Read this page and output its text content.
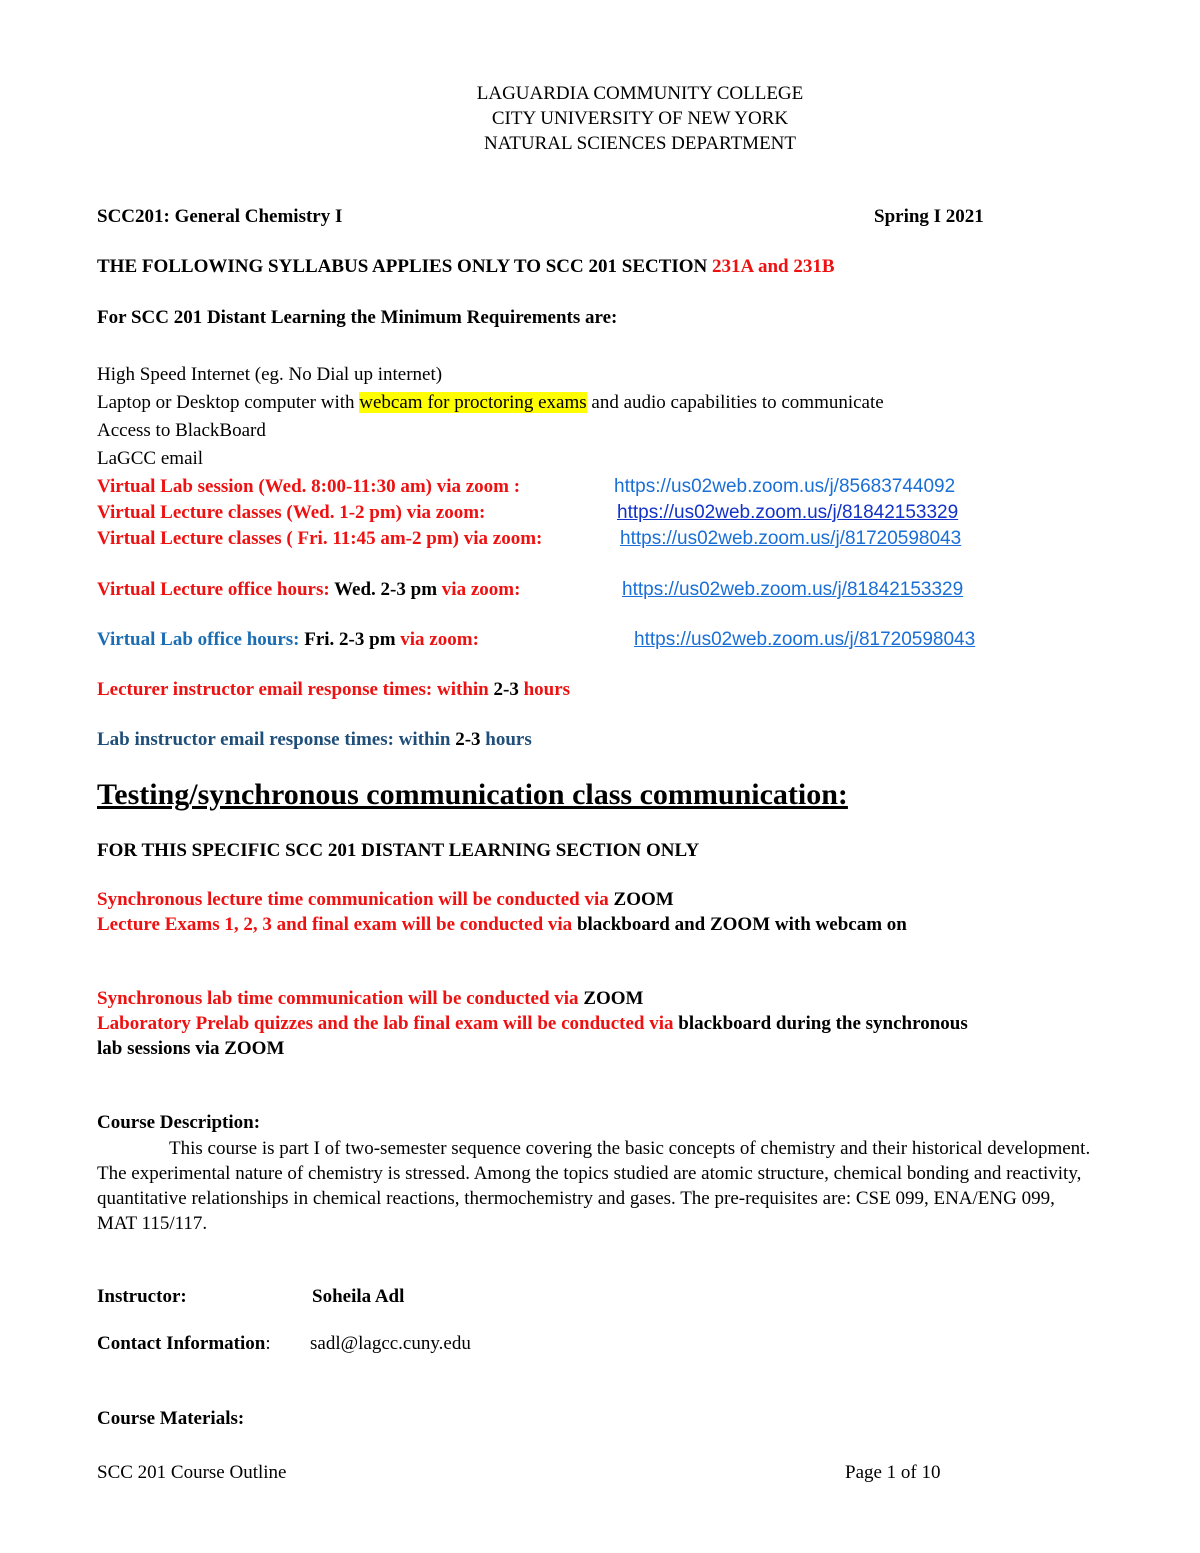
LAGUARDIA COMMUNITY COLLEGE
CITY UNIVERSITY OF NEW YORK
NATURAL SCIENCES DEPARTMENT
SCC201: General Chemistry I	Spring I 2021
THE FOLLOWING SYLLABUS APPLIES ONLY TO SCC 201 SECTION 231A and 231B
For SCC 201 Distant Learning the Minimum Requirements are:
High Speed Internet (eg. No Dial up internet)
Laptop or Desktop computer with webcam for proctoring exams and audio capabilities to communicate
Access to BlackBoard
LaGCC email
Virtual Lab session (Wed. 8:00-11:30 am) via zoom :	https://us02web.zoom.us/j/85683744092
Virtual Lecture classes (Wed. 1-2 pm) via zoom:	https://us02web.zoom.us/j/81842153329
Virtual Lecture classes ( Fri. 11:45 am-2 pm) via zoom:	https://us02web.zoom.us/j/81720598043
Virtual Lecture office hours: Wed. 2-3 pm via zoom:	https://us02web.zoom.us/j/81842153329
Virtual Lab office hours: Fri. 2-3 pm via zoom:	https://us02web.zoom.us/j/81720598043
Lecturer instructor email response times: within 2-3 hours
Lab instructor email response times: within 2-3 hours
Testing/synchronous communication class communication:
FOR THIS SPECIFIC SCC 201 DISTANT LEARNING SECTION ONLY
Synchronous lecture time communication will be conducted via ZOOM
Lecture Exams 1, 2, 3 and final exam will be conducted via blackboard and ZOOM with webcam on
Synchronous lab time communication will be conducted via ZOOM
Laboratory Prelab quizzes and the lab final exam will be conducted via blackboard during the synchronous
lab sessions via ZOOM
Course Description:
This course is part I of two-semester sequence covering the basic concepts of chemistry and their historical development. The experimental nature of chemistry is stressed. Among the topics studied are atomic structure, chemical bonding and reactivity, quantitative relationships in chemical reactions, thermochemistry and gases. The pre-requisites are: CSE 099, ENA/ENG 099, MAT 115/117.
Instructor:	Soheila Adl
Contact Information: sadl@lagcc.cuny.edu
Course Materials:
SCC 201 Course Outline	Page 1 of 10
